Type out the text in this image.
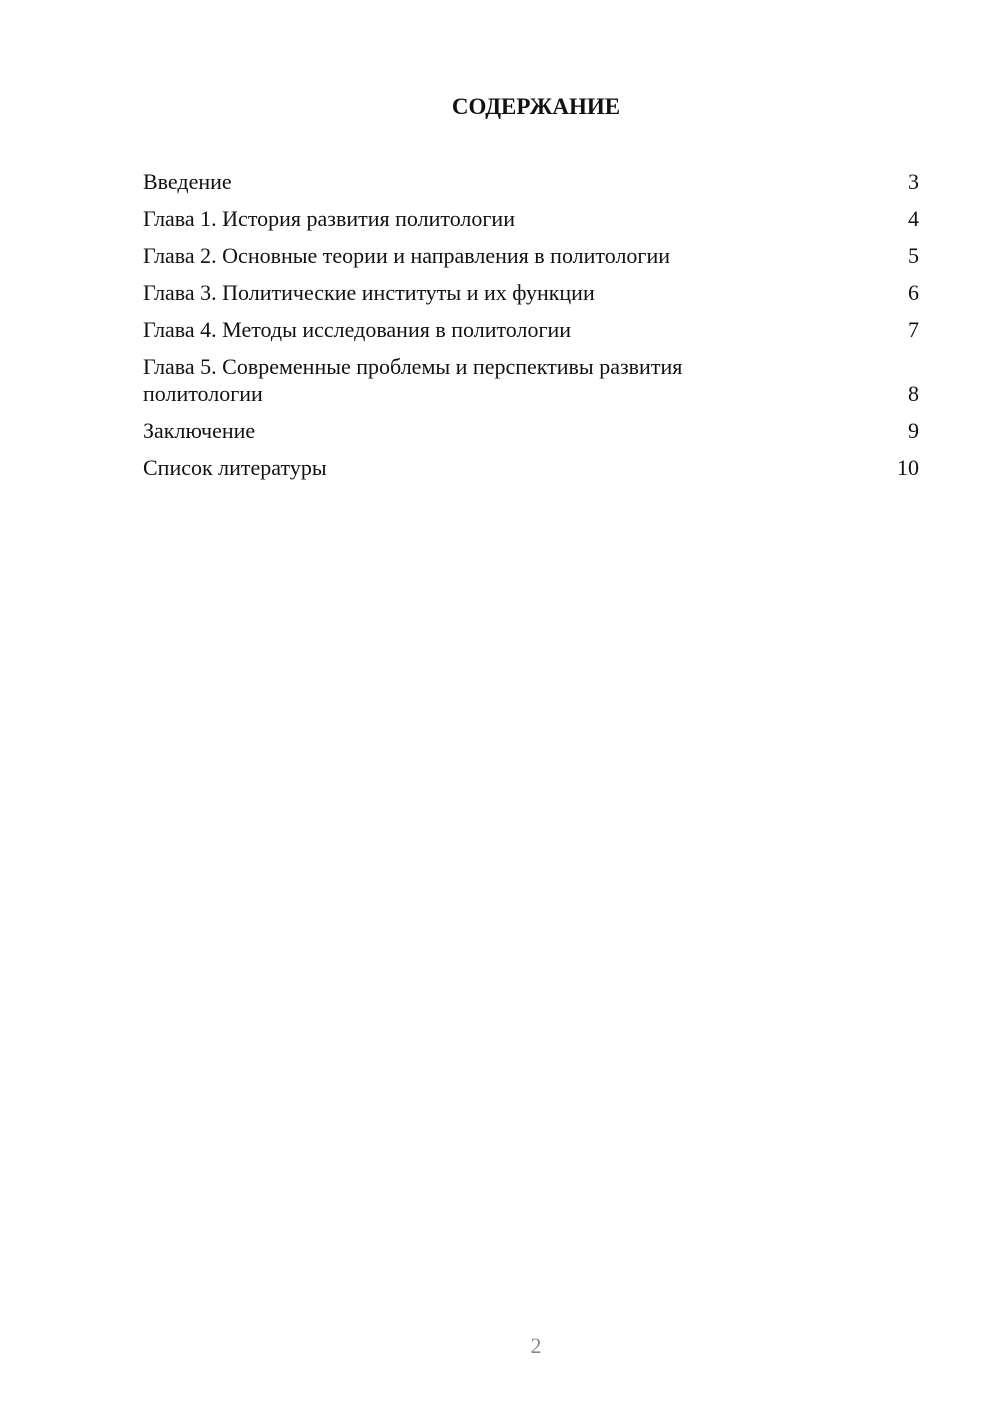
СОДЕРЖАНИЕ
Введение	3
Глава 1. История развития политологии	4
Глава 2. Основные теории и направления в политологии	5
Глава 3. Политические институты и их функции	6
Глава 4. Методы исследования в политологии	7
Глава 5. Современные проблемы и перспективы развития политологии	8
Заключение	9
Список литературы	10
2
